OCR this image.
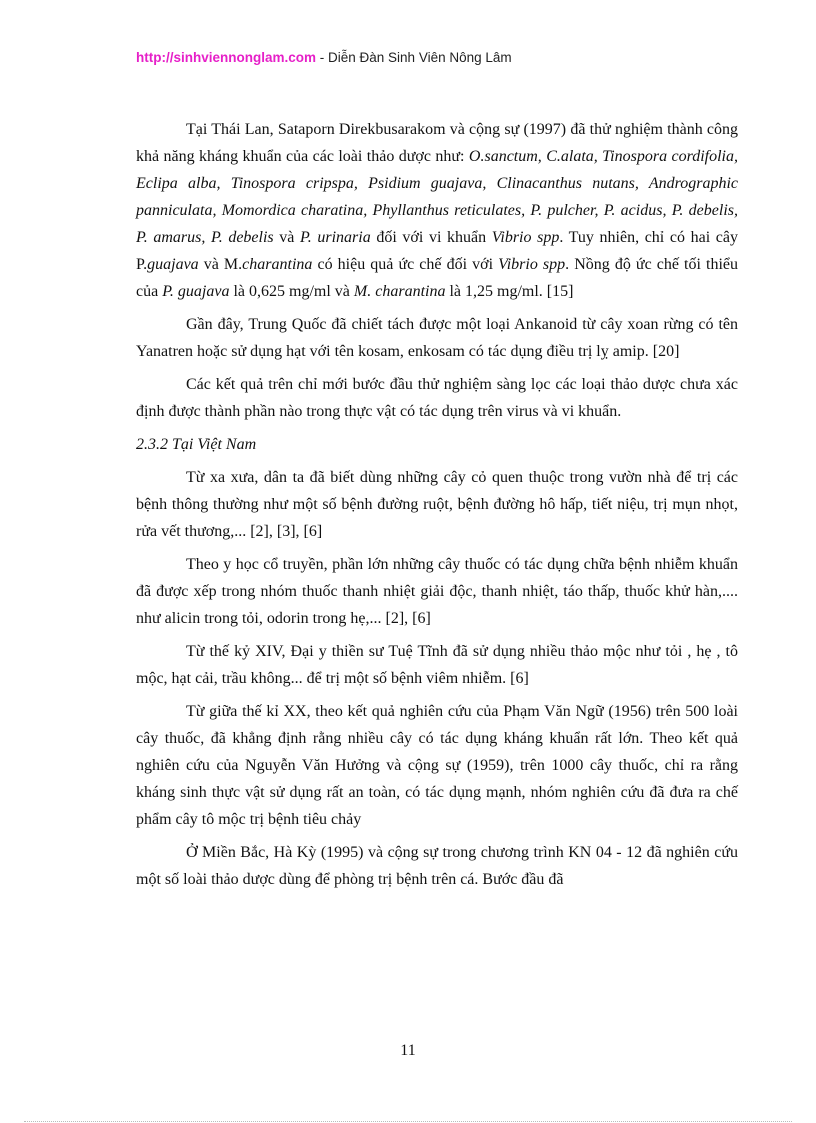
http://sinhviennonglam.com - Diễn Đàn Sinh Viên Nông Lâm

Tại Thái Lan, Sataporn Direkbusarakom và cộng sự (1997) đã thử nghiệm thành công khả năng kháng khuẩn của các loài thảo dược như: O.sanctum, C.alata, Tinospora cordifolia, Eclipa alba, Tinospora cripspa, Psidium guajava, Clinacanthus nutans, Andrographic panniculata, Momordica charatina, Phyllanthus reticulates, P. pulcher, P. acidus, P. debelis, P. amarus, P. debelis và P. urinaria đối với vi khuẩn Vibrio spp. Tuy nhiên, chỉ có hai cây P.guajava và M.charantina có hiệu quả ức chế đối với Vibrio spp. Nồng độ ức chế tối thiểu của P. guajava là 0,625 mg/ml và M. charantina là 1,25 mg/ml. [15]

Gần đây, Trung Quốc đã chiết tách được một loại Ankanoid từ cây xoan rừng có tên Yanatren hoặc sử dụng hạt với tên kosam, enkosam có tác dụng điều trị lỵ amip. [20]

Các kết quả trên chỉ mới bước đầu thử nghiệm sàng lọc các loại thảo dược chưa xác định được thành phần nào trong thực vật có tác dụng trên virus và vi khuẩn.

2.3.2 Tại Việt Nam

Từ xa xưa, dân ta đã biết dùng những cây cỏ quen thuộc trong vườn nhà để trị các bệnh thông thường như một số bệnh đường ruột, bệnh đường hô hấp, tiết niệu, trị mụn nhọt, rửa vết thương,... [2], [3], [6]

Theo y học cổ truyền, phần lớn những cây thuốc có tác dụng chữa bệnh nhiễm khuẩn đã được xếp trong nhóm thuốc thanh nhiệt giải độc, thanh nhiệt, táo thấp, thuốc khử hàn,.... như alicin trong tỏi, odorin trong hẹ,... [2], [6]

Từ thế kỷ XIV, Đại y thiền sư Tuệ Tĩnh đã sử dụng nhiều thảo mộc như tỏi , hẹ , tô mộc, hạt cải, trầu không... để trị một số bệnh viêm nhiễm. [6]

Từ giữa thế kỉ XX, theo kết quả nghiên cứu của Phạm Văn Ngữ (1956) trên 500 loài cây thuốc, đã khẳng định rằng nhiều cây có tác dụng kháng khuẩn rất lớn. Theo kết quả nghiên cứu của Nguyễn Văn Hưởng và cộng sự (1959), trên 1000 cây thuốc, chỉ ra rằng kháng sinh thực vật sử dụng rất an toàn, có tác dụng mạnh, nhóm nghiên cứu đã đưa ra chế phẩm cây tô mộc trị bệnh tiêu chảy

Ở Miền Bắc, Hà Kỳ (1995) và cộng sự trong chương trình KN 04 - 12 đã nghiên cứu một số loài thảo dược dùng để phòng trị bệnh trên cá. Bước đầu đã

11
